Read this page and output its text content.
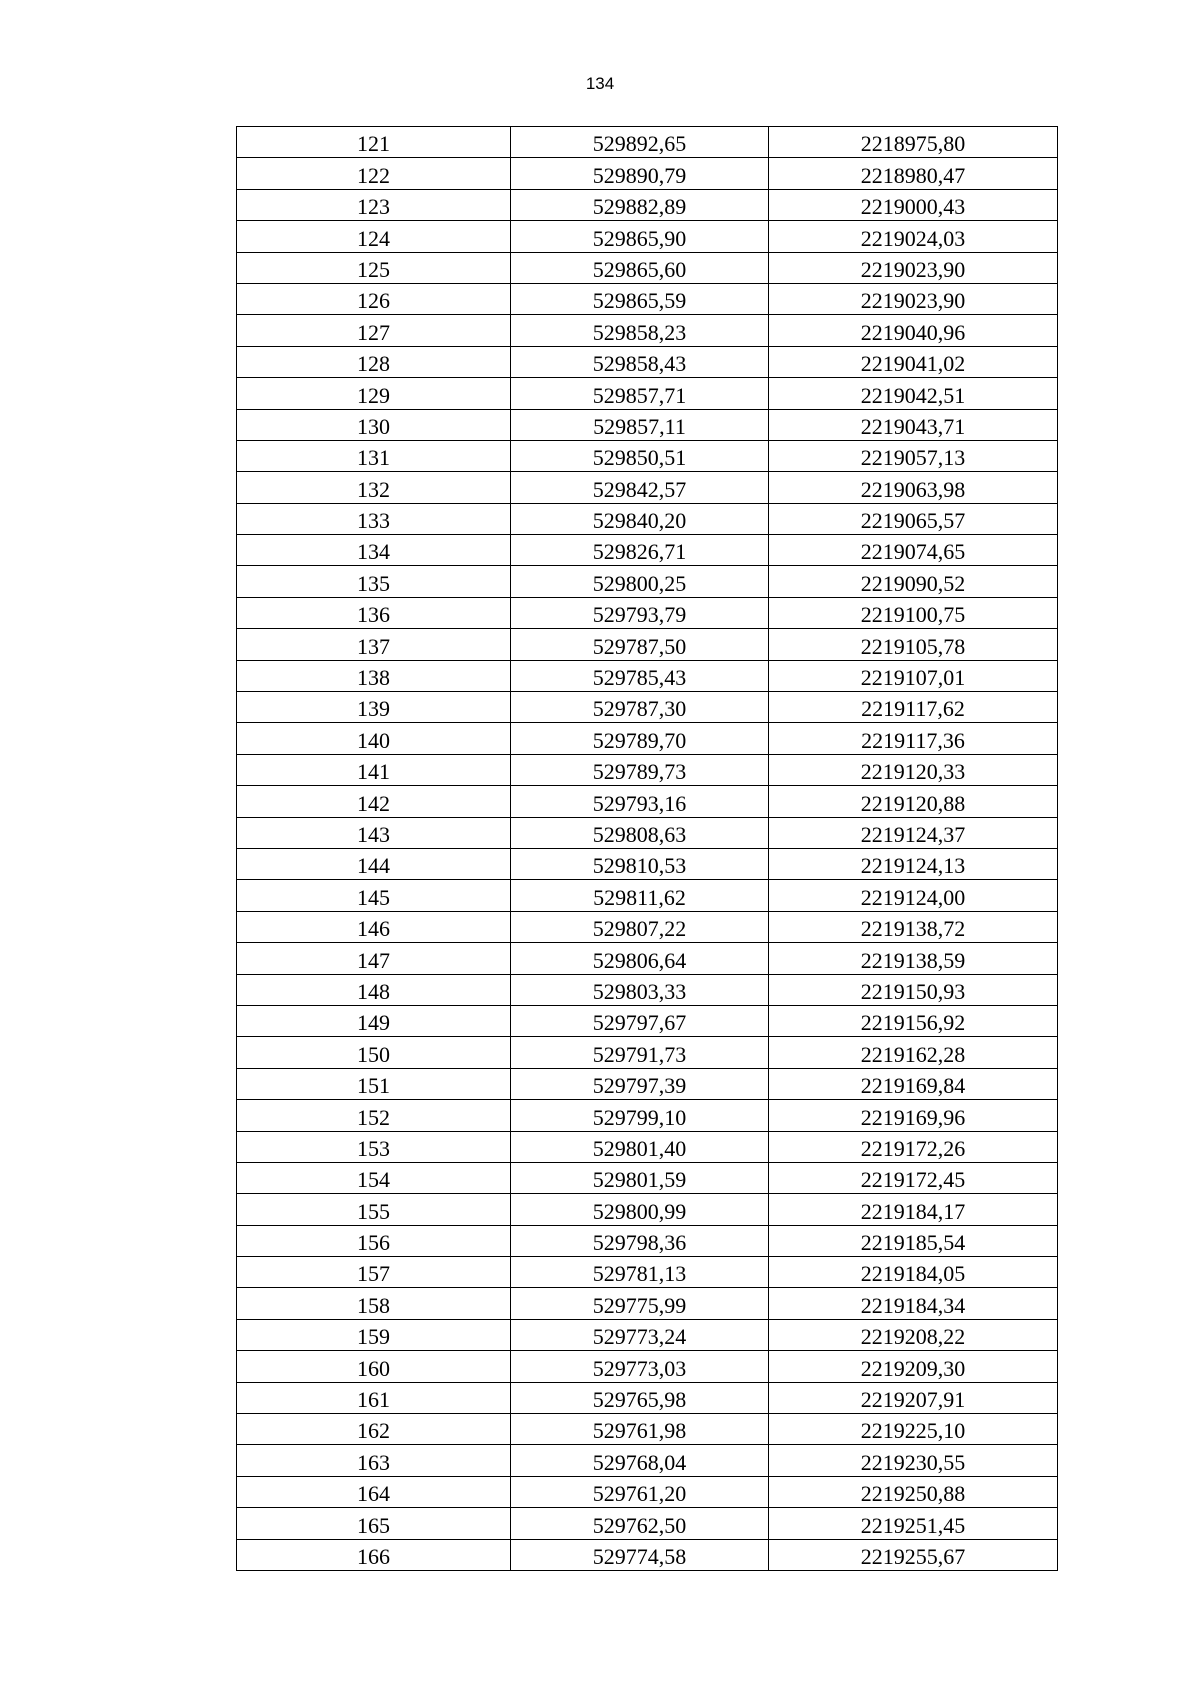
134
121	529892,65	2218975,80
122	529890,79	2218980,47
123	529882,89	2219000,43
124	529865,90	2219024,03
125	529865,60	2219023,90
126	529865,59	2219023,90
127	529858,23	2219040,96
128	529858,43	2219041,02
129	529857,71	2219042,51
130	529857,11	2219043,71
131	529850,51	2219057,13
132	529842,57	2219063,98
133	529840,20	2219065,57
134	529826,71	2219074,65
135	529800,25	2219090,52
136	529793,79	2219100,75
137	529787,50	2219105,78
138	529785,43	2219107,01
139	529787,30	2219117,62
140	529789,70	2219117,36
141	529789,73	2219120,33
142	529793,16	2219120,88
143	529808,63	2219124,37
144	529810,53	2219124,13
145	529811,62	2219124,00
146	529807,22	2219138,72
147	529806,64	2219138,59
148	529803,33	2219150,93
149	529797,67	2219156,92
150	529791,73	2219162,28
151	529797,39	2219169,84
152	529799,10	2219169,96
153	529801,40	2219172,26
154	529801,59	2219172,45
155	529800,99	2219184,17
156	529798,36	2219185,54
157	529781,13	2219184,05
158	529775,99	2219184,34
159	529773,24	2219208,22
160	529773,03	2219209,30
161	529765,98	2219207,91
162	529761,98	2219225,10
163	529768,04	2219230,55
164	529761,20	2219250,88
165	529762,50	2219251,45
166	529774,58	2219255,67
